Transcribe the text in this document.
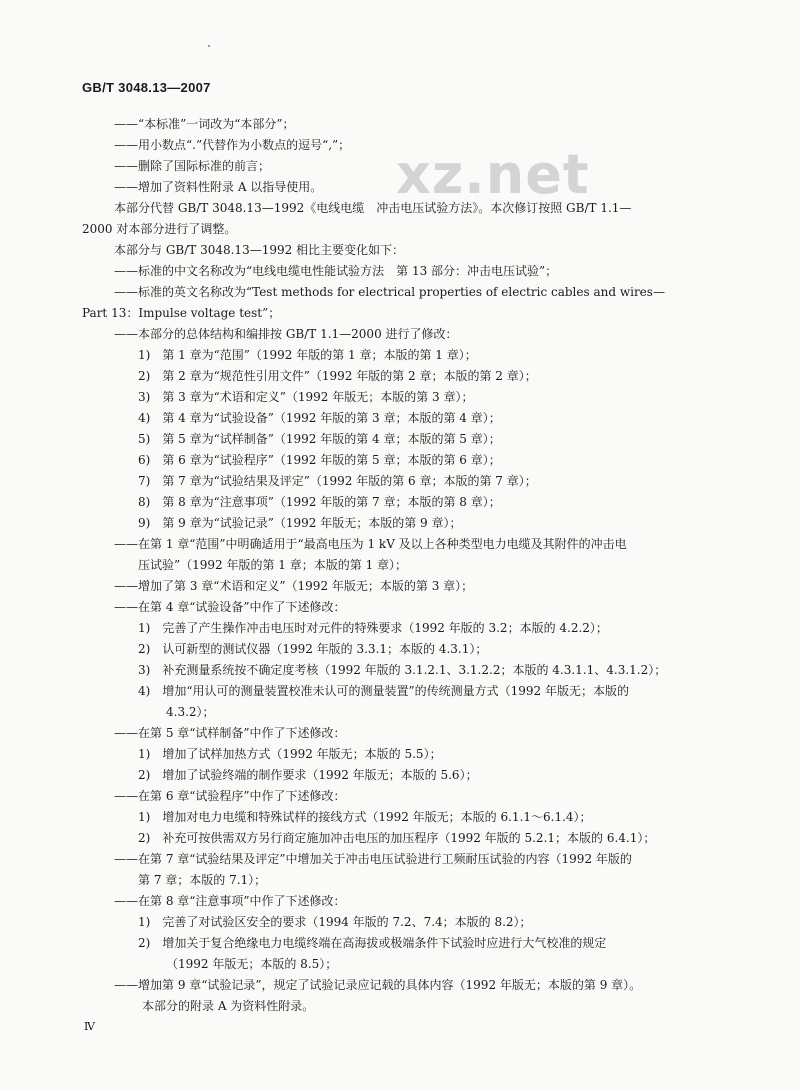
GB/T 3048.13—2007
xz.net
——“本标准”一词改为“本部分”；
——用小数点“.”代替作为小数点的逗号“,”；
——删除了国际标准的前言；
——增加了资料性附录 A 以指导使用。
本部分代替 GB/T 3048.13—1992《电线电缆　冲击电压试验方法》。本次修订按照 GB/T 1.1—
2000 对本部分进行了调整。
本部分与 GB/T 3048.13—1992 相比主要变化如下：
——标准的中文名称改为“电线电缆电性能试验方法　第 13 部分：冲击电压试验”；
——标准的英文名称改为“Test methods for electrical properties of electric cables and wires—
Part 13：Impulse voltage test”；
——本部分的总体结构和编排按 GB/T 1.1—2000 进行了修改：
1)　第 1 章为“范围”（1992 年版的第 1 章；本版的第 1 章）；
2)　第 2 章为“规范性引用文件”（1992 年版的第 2 章；本版的第 2 章）；
3)　第 3 章为“术语和定义”（1992 年版无；本版的第 3 章）；
4)　第 4 章为“试验设备”（1992 年版的第 3 章；本版的第 4 章）；
5)　第 5 章为“试样制备”（1992 年版的第 4 章；本版的第 5 章）；
6)　第 6 章为“试验程序”（1992 年版的第 5 章；本版的第 6 章）；
7)　第 7 章为“试验结果及评定”（1992 年版的第 6 章；本版的第 7 章）；
8)　第 8 章为“注意事项”（1992 年版的第 7 章；本版的第 8 章）；
9)　第 9 章为“试验记录”（1992 年版无；本版的第 9 章）；
——在第 1 章“范围”中明确适用于“最高电压为 1 kV 及以上各种类型电力电缆及其附件的冲击电
压试验”（1992 年版的第 1 章；本版的第 1 章）；
——增加了第 3 章“术语和定义”（1992 年版无；本版的第 3 章）；
——在第 4 章“试验设备”中作了下述修改：
1)　完善了产生操作冲击电压时对元件的特殊要求（1992 年版的 3.2；本版的 4.2.2）；
2)　认可新型的测试仪器（1992 年版的 3.3.1；本版的 4.3.1）；
3)　补充测量系统按不确定度考核（1992 年版的 3.1.2.1、3.1.2.2；本版的 4.3.1.1、4.3.1.2）；
4)　增加“用认可的测量装置校准未认可的测量装置”的传统测量方式（1992 年版无；本版的
4.3.2）；
——在第 5 章“试样制备”中作了下述修改：
1)　增加了试样加热方式（1992 年版无；本版的 5.5）；
2)　增加了试验终端的制作要求（1992 年版无；本版的 5.6）；
——在第 6 章“试验程序”中作了下述修改：
1)　增加对电力电缆和特殊试样的接线方式（1992 年版无；本版的 6.1.1～6.1.4）；
2)　补充可按供需双方另行商定施加冲击电压的加压程序（1992 年版的 5.2.1；本版的 6.4.1）；
——在第 7 章“试验结果及评定”中增加关于冲击电压试验进行工频耐压试验的内容（1992 年版的
第 7 章；本版的 7.1）；
——在第 8 章“注意事项”中作了下述修改：
1)　完善了对试验区安全的要求（1994 年版的 7.2、7.4；本版的 8.2）；
2)　增加关于复合绝缘电力电缆终端在高海拔或极端条件下试验时应进行大气校准的规定
（1992 年版无；本版的 8.5）；
——增加第 9 章“试验记录”，规定了试验记录应记载的具体内容（1992 年版无；本版的第 9 章）。
本部分的附录 A 为资料性附录。
Ⅳ
